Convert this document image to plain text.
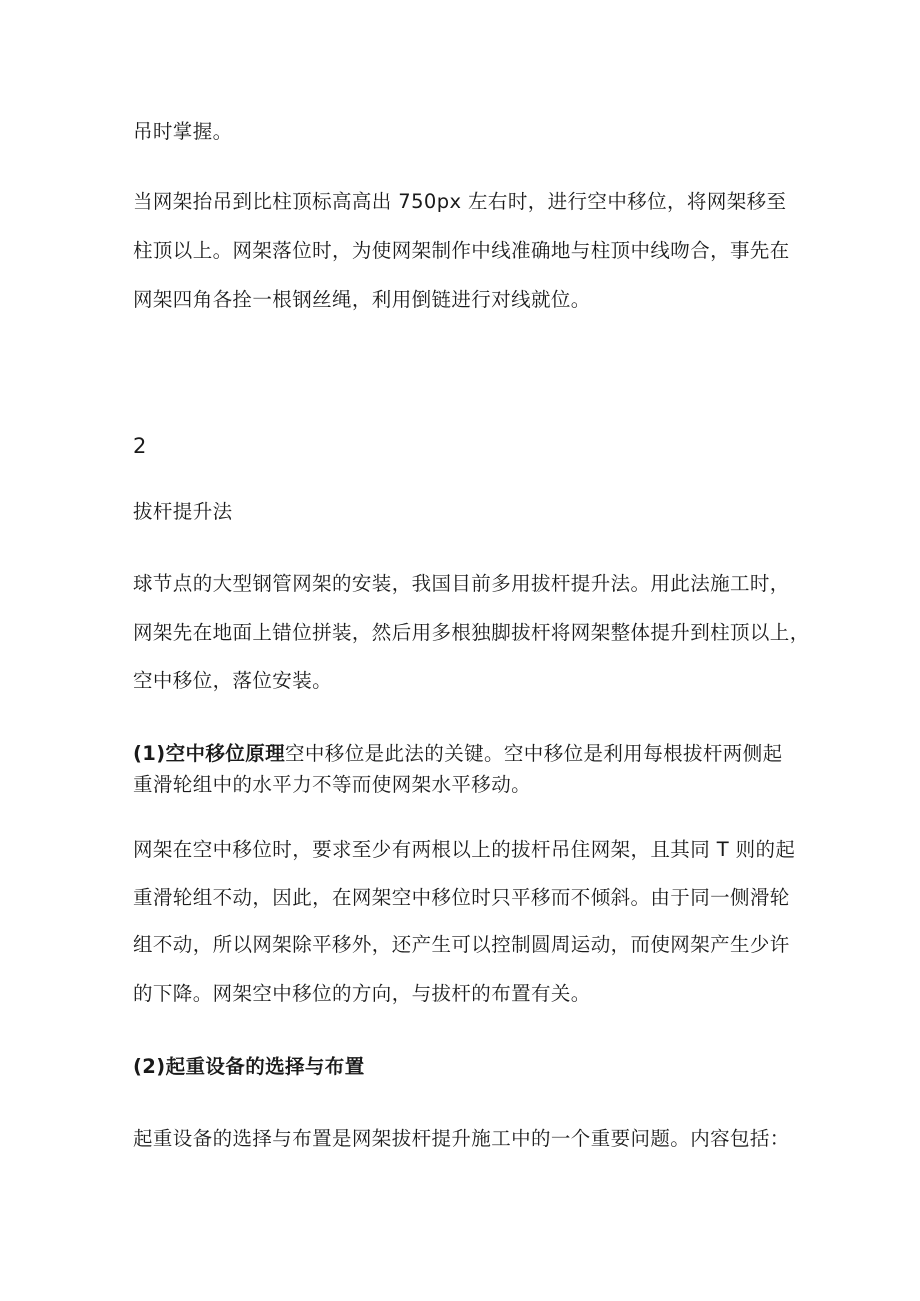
吊时掌握。
当网架抬吊到比柱顶标高高出 750px 左右时，进行空中移位，将网架移至
柱顶以上。网架落位时，为使网架制作中线准确地与柱顶中线吻合，事先在
网架四角各拴一根钢丝绳，利用倒链进行对线就位。
2
拔杆提升法
球节点的大型钢管网架的安装，我国目前多用拔杆提升法。用此法施工时，
网架先在地面上错位拼装，然后用多根独脚拔杆将网架整体提升到柱顶以上，
空中移位，落位安装。
(1)空中移位原理空中移位是此法的关键。空中移位是利用每根拔杆两侧起
重滑轮组中的水平力不等而使网架水平移动。
网架在空中移位时，要求至少有两根以上的拔杆吊住网架，且其同 T 则的起
重滑轮组不动，因此，在网架空中移位时只平移而不倾斜。由于同一侧滑轮
组不动，所以网架除平移外，还产生可以控制圆周运动，而使网架产生少许
的下降。网架空中移位的方向，与拔杆的布置有关。
(2)起重设备的选择与布置
起重设备的选择与布置是网架拔杆提升施工中的一个重要问题。内容包括：
